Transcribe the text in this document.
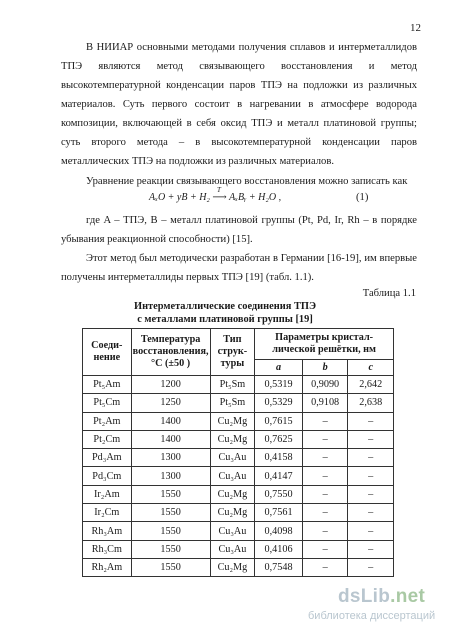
12

В НИИАР основными методами получения сплавов и интерметаллидов ТПЭ являются метод связывающего восстановления и метод высокотемпературной конденсации паров ТПЭ на подложки из различных материалов. Суть первого состоит в нагревании в атмосфере водорода композиции, включающей в себя оксид ТПЭ и металл платиновой группы; суть второго метода – в высокотемпературной конденсации паров металлических ТПЭ на подложки из различных материалов.

Уравнение реакции связывающего восстановления можно записать как

AₓO + yB + H₂ ⟶ AₓBᵧ + H₂O ,
T
(1)

где A – ТПЭ, B – металл платиновой группы (Pt, Pd, Ir, Rh – в порядке убывания реакционной способности) [15].

Этот метод был методически разработан в Германии [16-19], им впервые получены интерметаллиды первых ТПЭ [19] (табл. 1.1).

Таблица 1.1
Интерметаллические соединения ТПЭ
с металлами платиновой группы [19]
Соеди-нение	Температура восстановления, °С (±50 )	Тип струк-туры	Параметры кристал-лической решётки, нм		
			a	b	c
Pt₅Am	1200	Pt₅Sm	0,5319	0,9090	2,642
Pt₅Cm	1250	Pt₅Sm	0,5329	0,9108	2,638
Pt₂Am	1400	Cu₂Mg	0,7615	–	–
Pt₂Cm	1400	Cu₂Mg	0,7625	–	–
Pd₃Am	1300	Cu₃Au	0,4158	–	–
Pd₃Cm	1300	Cu₃Au	0,4147	–	–
Ir₂Am	1550	Cu₂Mg	0,7550	–	–
Ir₂Cm	1550	Cu₂Mg	0,7561	–	–
Rh₃Am	1550	Cu₃Au	0,4098	–	–
Rh₃Cm	1550	Cu₃Au	0,4106	–	–
Rh₂Am	1550	Cu₂Mg	0,7548	–	–
dsLib.net
библиотека диссертаций
